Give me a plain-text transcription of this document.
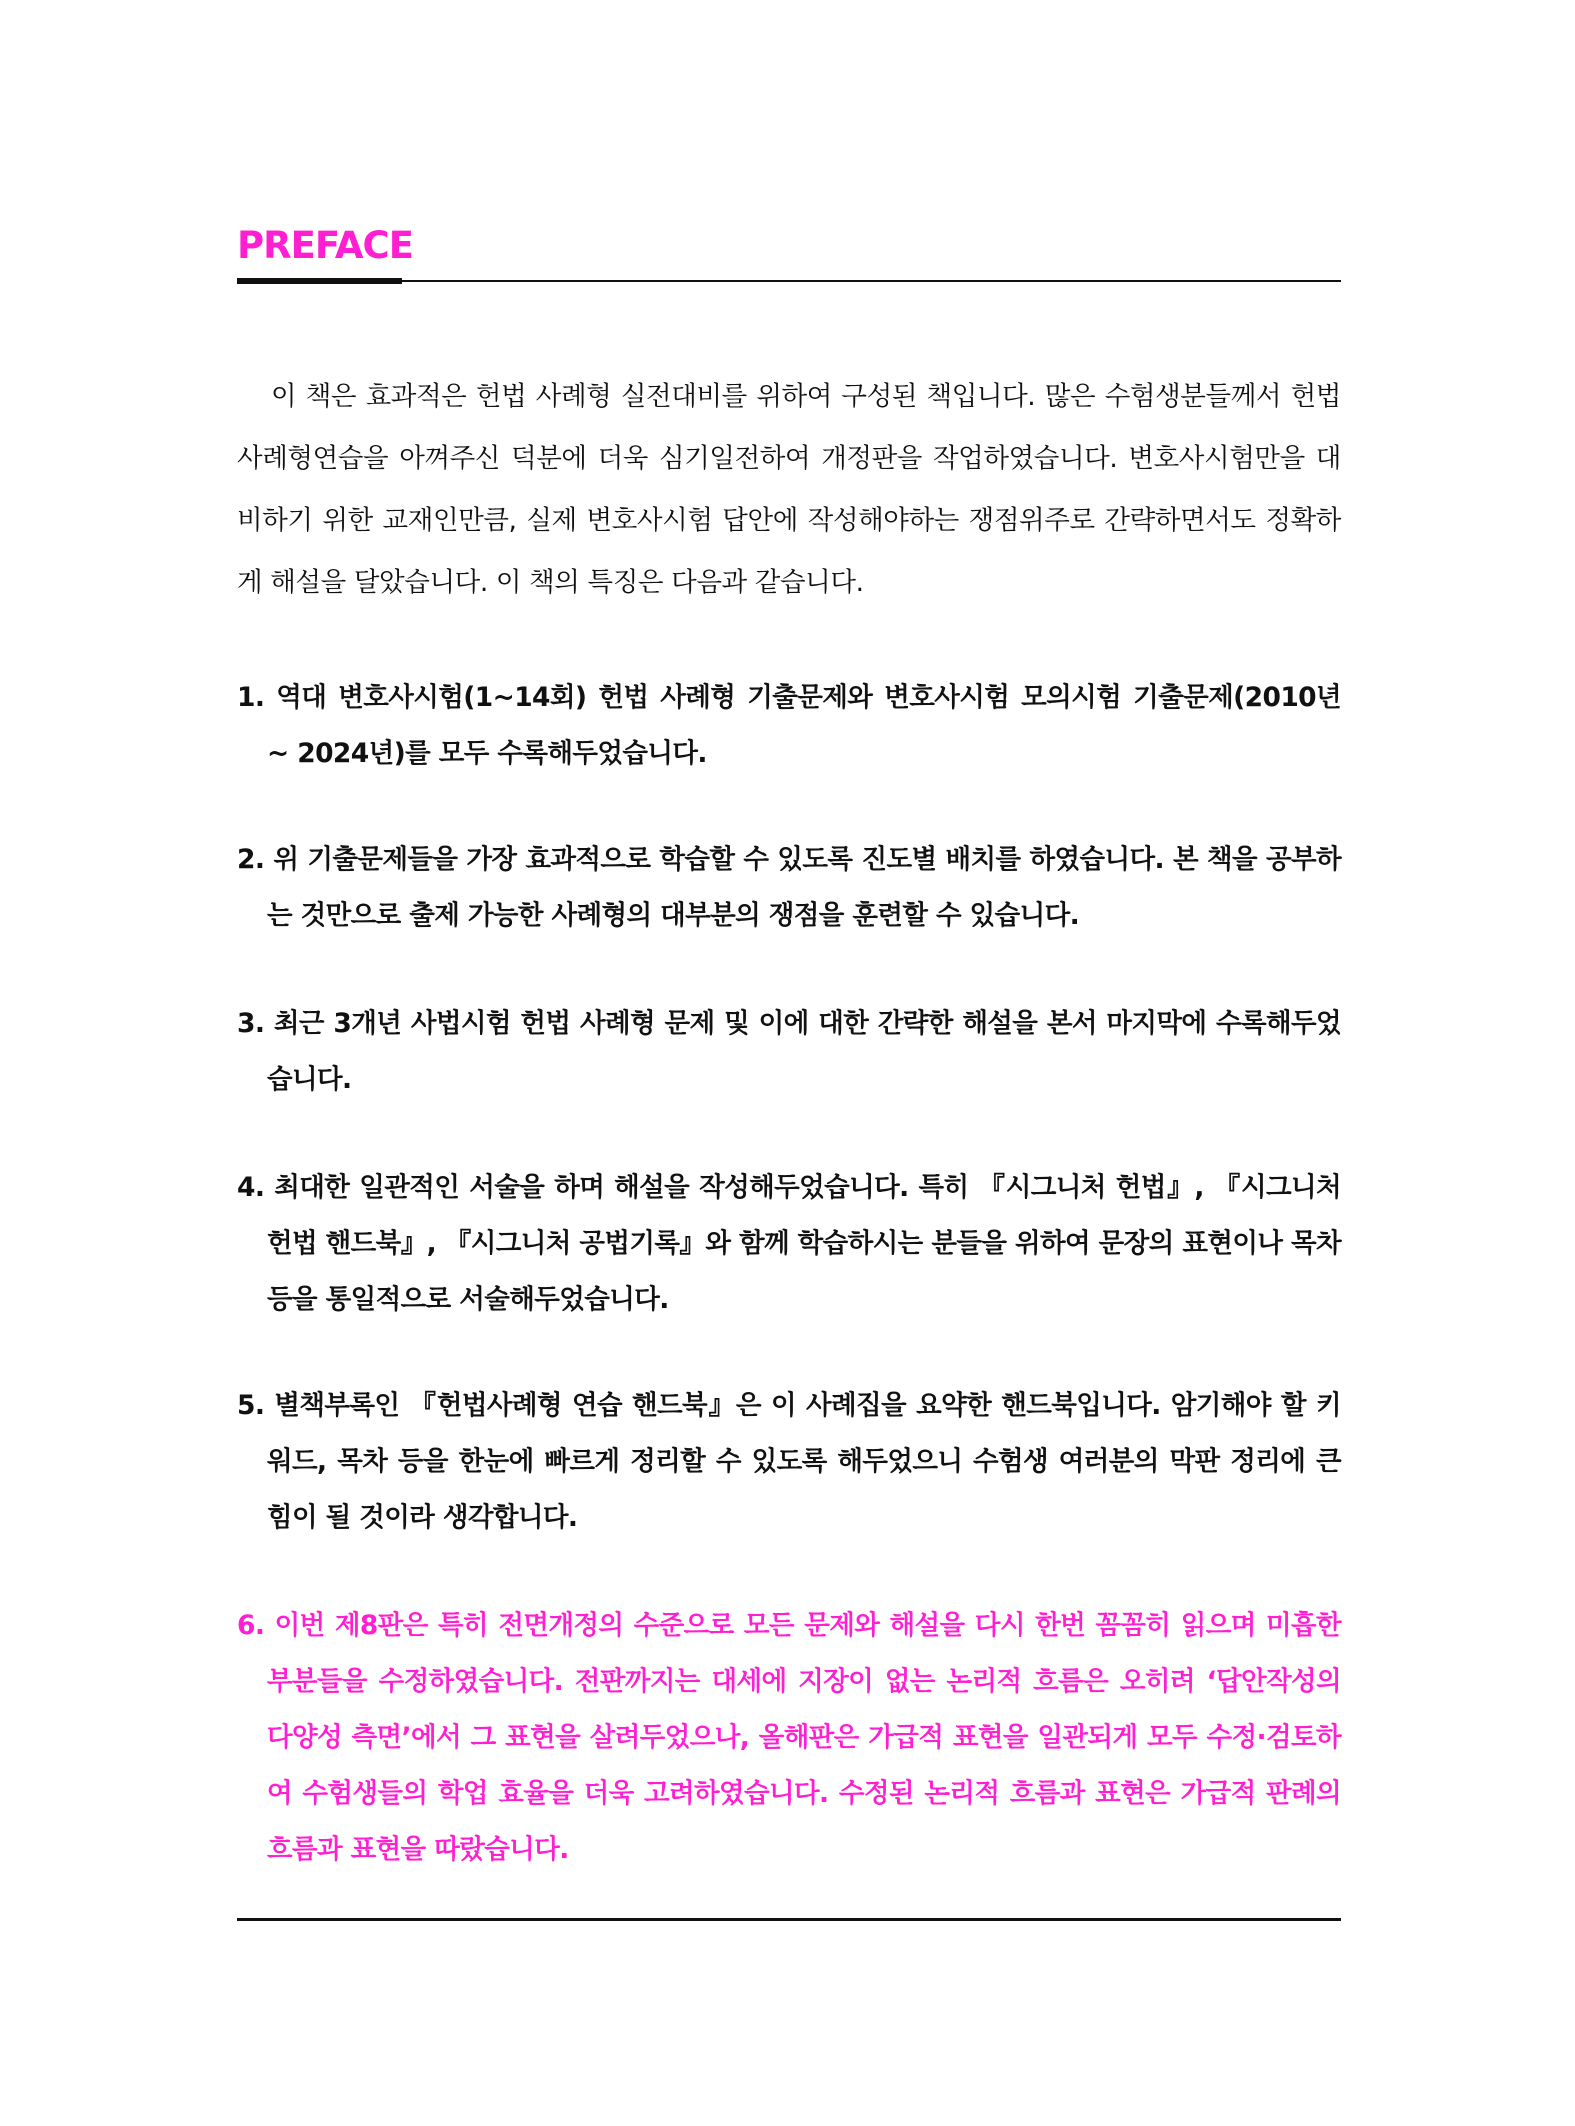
PREFACE

이 책은 효과적은 헌법 사례형 실전대비를 위하여 구성된 책입니다. 많은 수험생분들께서 헌법사례형연습을 아껴주신 덕분에 더욱 심기일전하여 개정판을 작업하였습니다. 변호사시험만을 대비하기 위한 교재인만큼, 실제 변호사시험 답안에 작성해야하는 쟁점위주로 간략하면서도 정확하게 해설을 달았습니다. 이 책의 특징은 다음과 같습니다.

1. 역대 변호사시험(1~14회) 헌법 사례형 기출문제와 변호사시험 모의시험 기출문제(2010년 ~ 2024년)를 모두 수록해두었습니다.

2. 위 기출문제들을 가장 효과적으로 학습할 수 있도록 진도별 배치를 하였습니다. 본 책을 공부하는 것만으로 출제 가능한 사례형의 대부분의 쟁점을 훈련할 수 있습니다.

3. 최근 3개년 사법시험 헌법 사례형 문제 및 이에 대한 간략한 해설을 본서 마지막에 수록해두었습니다.

4. 최대한 일관적인 서술을 하며 해설을 작성해두었습니다. 특히 『시그니처 헌법』, 『시그니처 헌법 핸드북』, 『시그니처 공법기록』와 함께 학습하시는 분들을 위하여 문장의 표현이나 목차 등을 통일적으로 서술해두었습니다.

5. 별책부록인 『헌법사례형 연습 핸드북』은 이 사례집을 요약한 핸드북입니다. 암기해야 할 키워드, 목차 등을 한눈에 빠르게 정리할 수 있도록 해두었으니 수험생 여러분의 막판 정리에 큰 힘이 될 것이라 생각합니다.

6. 이번 제8판은 특히 전면개정의 수준으로 모든 문제와 해설을 다시 한번 꼼꼼히 읽으며 미흡한 부분들을 수정하였습니다. 전판까지는 대세에 지장이 없는 논리적 흐름은 오히려 ‘답안작성의 다양성 측면’에서 그 표현을 살려두었으나, 올해판은 가급적 표현을 일관되게 모두 수정·검토하여 수험생들의 학업 효율을 더욱 고려하였습니다. 수정된 논리적 흐름과 표현은 가급적 판례의 흐름과 표현을 따랐습니다.
